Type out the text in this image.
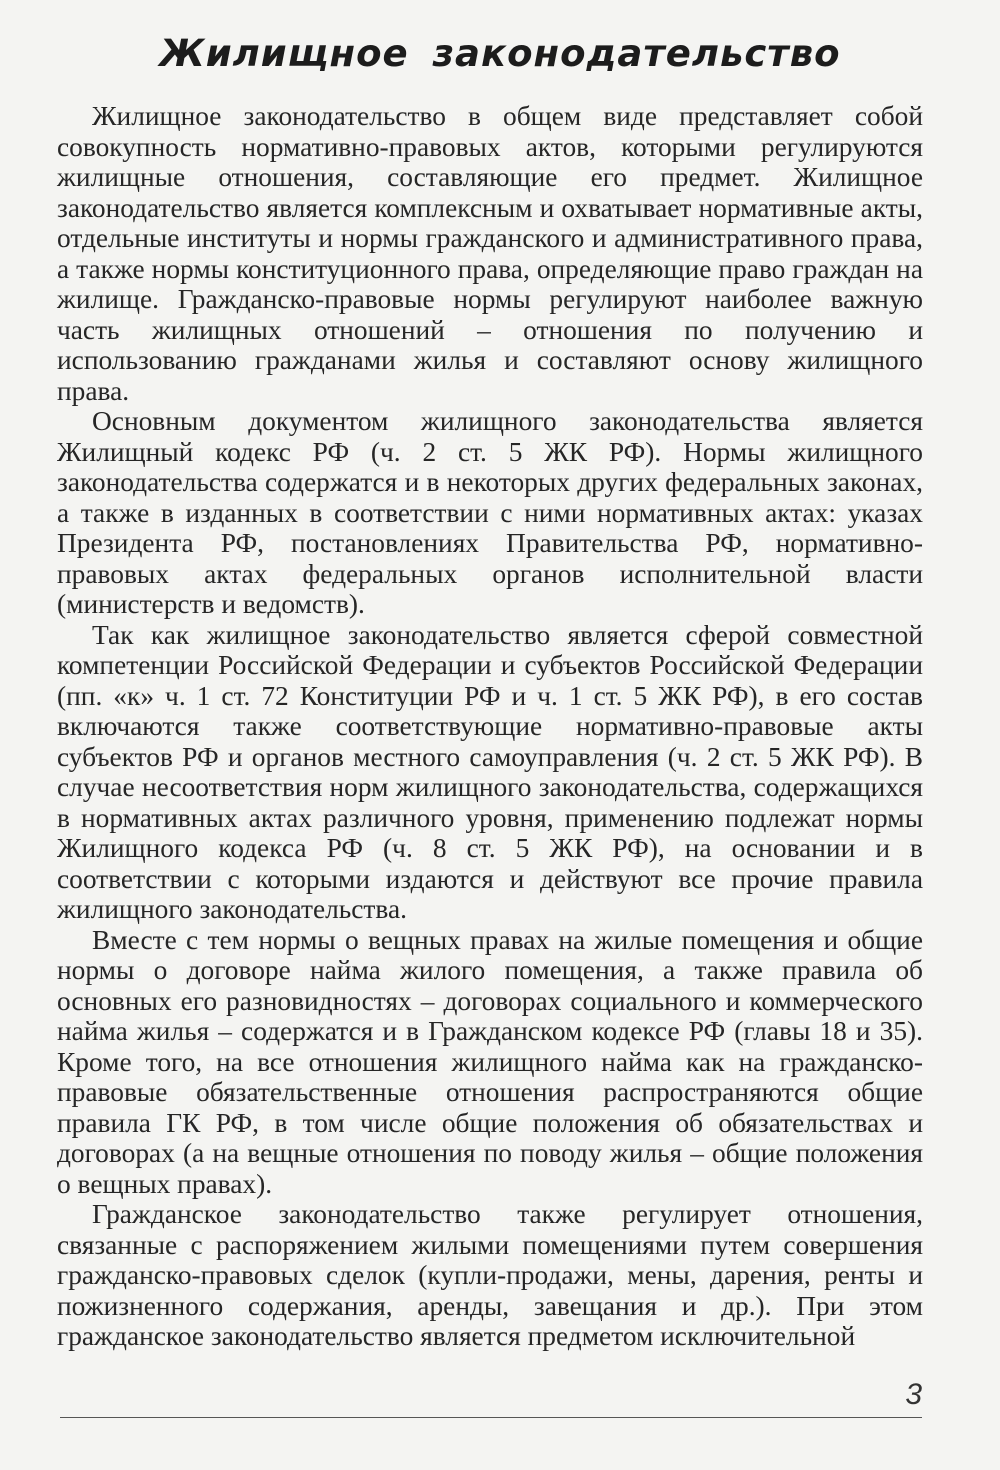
Жилищное законодательство

Жилищное законодательство в общем виде представляет собой совокупность нормативно-правовых актов, которыми регулируются жилищные отношения, составляющие его предмет. Жилищное законодательство является комплексным и охватывает нормативные акты, отдельные институты и нормы гражданского и административного права, а также нормы конституционного права, определяющие право граждан на жилище. Гражданско-правовые нормы регулируют наиболее важную часть жилищных отношений – отношения по получению и использованию гражданами жилья и составляют основу жилищного права.

Основным документом жилищного законодательства является Жилищный кодекс РФ (ч. 2 ст. 5 ЖК РФ). Нормы жилищного законодательства содержатся и в некоторых других федеральных законах, а также в изданных в соответствии с ними нормативных актах: указах Президента РФ, постановлениях Правительства РФ, нормативно-правовых актах федеральных органов исполнительной власти (министерств и ведомств).

Так как жилищное законодательство является сферой совместной компетенции Российской Федерации и субъектов Российской Федерации (пп. «к» ч. 1 ст. 72 Конституции РФ и ч. 1 ст. 5 ЖК РФ), в его состав включаются также соответствующие нормативно-правовые акты субъектов РФ и органов местного самоуправления (ч. 2 ст. 5 ЖК РФ). В случае несоответствия норм жилищного законодательства, содержащихся в нормативных актах различного уровня, применению подлежат нормы Жилищного кодекса РФ (ч. 8 ст. 5 ЖК РФ), на основании и в соответствии с которыми издаются и действуют все прочие правила жилищного законодательства.

Вместе с тем нормы о вещных правах на жилые помещения и общие нормы о договоре найма жилого помещения, а также правила об основных его разновидностях – договорах социального и коммерческого найма жилья – содержатся и в Гражданском кодексе РФ (главы 18 и 35). Кроме того, на все отношения жилищного найма как на гражданско-правовые обязательственные отношения распространяются общие правила ГК РФ, в том числе общие положения об обязательствах и договорах (а на вещные отношения по поводу жилья – общие положения о вещных правах).

Гражданское законодательство также регулирует отношения, связанные с распоряжением жилыми помещениями путем совершения гражданско-правовых сделок (купли-продажи, мены, дарения, ренты и пожизненного содержания, аренды, завещания и др.). При этом гражданское законодательство является предметом исключительной

3
